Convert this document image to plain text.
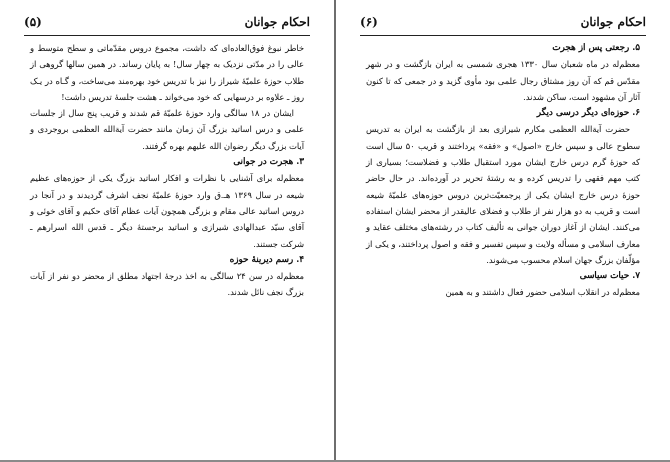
احکام جوانان
(۵)

خاطر نبوغ فوق‌العاده‌ای که داشت، مجموع دروس مقدّماتی و سطح متوسط و عالی را در مدّتی نزدیک به چهار سال! به پایان رساند. در همین سالها گروهی از طلاب حوزهٔ علمیّهٔ شیراز را نیز با تدریس خود بهره‌مند می‌ساخت، و گـاه در یـک روز ـ علاوه بر درسهایی که خود می‌خواند ـ هشت جلسهٔ تدریس داشت!

ایشان در ۱۸ سالگی وارد حوزهٔ علمیّهٔ قم شدند و قریب پنج سال از جلسات علمی و درس اساتید بزرگ آن زمان مانند حضرت آیةالله العظمی بروجردی و آیات بزرگ دیگر رضوان الله علیهم بهره گرفتند.

۳. هجرت در جوانی

معظم‌له برای آشنایی با نظرات و افکار اساتید بزرگ یکی از حوزه‌های عظیم شیعه در سال ۱۳۶۹ هـ.ق وارد حوزهٔ علمیّهٔ نجف اشرف گردیدند و در آنجا در دروس اساتید عالی مقام و بزرگی همچون آیات عظام آقای حکیم و آقای خوئی و آقای سیّد عبدالهادی شیرازی و اساتید برجستهٔ دیگر ـ قدس الله اسرارهم ـ شرکت جستند.

۴. رسم دیرینهٔ حوزه

معظم‌له در سن ۲۴ سالگی به اخذ درجهٔ اجتهاد مطلق از محضر دو نفر از آیات بزرگ نجف نائل شدند.

احکام جوانان
(۶)
۵. رجعتی پس از هجرت

معظم‌له در ماه شعبان سال ۱۳۳۰ هجری شمسی به ایران بازگشت و در شهر مقدّس قم که آن روز مشتاق رجال علمی بود مأوی گزید و در جمعی که تا کنون آثار آن مشهود است، ساکن شدند.

۶. حوزه‌ای دیگر درسی دیگر

حضرت آیةالله العظمی مکارم شیرازی بعد از بازگشت به ایران به تدریس سطوح عالی و سپس خارج «اصول» و «فقه» پرداختند و قریب ۵۰ سال است که حوزهٔ گرم درس خارج ایشان مورد استقبال طلاب و فضلاست؛ بسیاری از کتب مهم فقهی را تدریس کرده و به رشتهٔ تحریر در آورده‌اند. در حال حاضر حوزهٔ درس خارج ایشان یکی از پرجمعیّت‌ترین دروس حوزه‌های علمیّهٔ شیعه است و قریب به دو هزار نفر از طلاب و فضلای عالیقدر از محضر ایشان استفاده می‌کنند. ایشان از آغاز دوران جوانی به تألیف کتاب در رشته‌های مختلف عقاید و معارف اسلامی و مسأله ولایت و سپس تفسیر و فقه و اصول پرداختند، و یکی از مؤلّفان بزرگ جهان اسلام محسوب می‌شوند.

۷. حیات سیاسی

معظم‌له در انقلاب اسلامی حضور فعال داشتند و به همین
